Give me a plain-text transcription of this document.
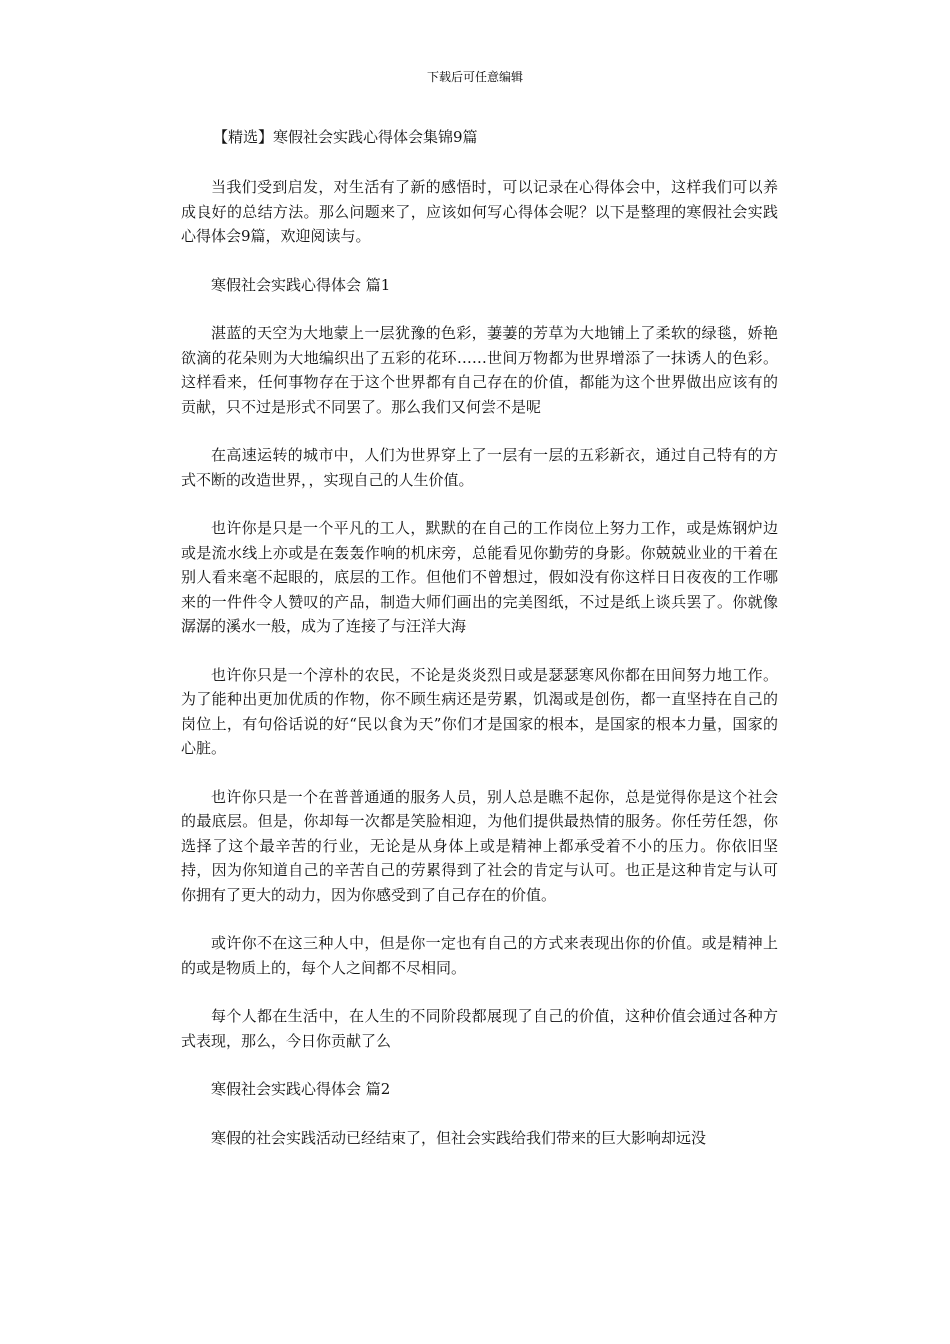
下载后可任意编辑
【精选】寒假社会实践心得体会集锦9篇

当我们受到启发，对生活有了新的感悟时，可以记录在心得体会中，这样我们可以养成良好的总结方法。那么问题来了，应该如何写心得体会呢？以下是整理的寒假社会实践心得体会9篇，欢迎阅读与。

寒假社会实践心得体会 篇1

湛蓝的天空为大地蒙上一层犹豫的色彩，萋萋的芳草为大地铺上了柔软的绿毯，娇艳欲滴的花朵则为大地编织出了五彩的花环……世间万物都为世界增添了一抹诱人的色彩。这样看来，任何事物存在于这个世界都有自己存在的价值，都能为这个世界做出应该有的贡献，只不过是形式不同罢了。那么我们又何尝不是呢

在高速运转的城市中，人们为世界穿上了一层有一层的五彩新衣，通过自己特有的方式不断的改造世界，，实现自己的人生价值。

也许你是只是一个平凡的工人，默默的在自己的工作岗位上努力工作，或是炼钢炉边或是流水线上亦或是在轰轰作响的机床旁，总能看见你勤劳的身影。你兢兢业业的干着在别人看来毫不起眼的，底层的工作。但他们不曾想过，假如没有你这样日日夜夜的工作哪来的一件件令人赞叹的产品，制造大师们画出的完美图纸，不过是纸上谈兵罢了。你就像潺潺的溪水一般，成为了连接了与汪洋大海

也许你只是一个淳朴的农民，不论是炎炎烈日或是瑟瑟寒风你都在田间努力地工作。为了能种出更加优质的作物，你不顾生病还是劳累，饥渴或是创伤，都一直坚持在自己的岗位上，有句俗话说的好“民以食为天”你们才是国家的根本，是国家的根本力量，国家的心脏。

也许你只是一个在普普通通的服务人员，别人总是瞧不起你，总是觉得你是这个社会的最底层。但是，你却每一次都是笑脸相迎，为他们提供最热情的服务。你任劳任怨，你选择了这个最辛苦的行业，无论是从身体上或是精神上都承受着不小的压力。你依旧坚持，因为你知道自己的辛苦自己的劳累得到了社会的肯定与认可。也正是这种肯定与认可你拥有了更大的动力，因为你感受到了自己存在的价值。

或许你不在这三种人中，但是你一定也有自己的方式来表现出你的价值。或是精神上的或是物质上的，每个人之间都不尽相同。

每个人都在生活中，在人生的不同阶段都展现了自己的价值，这种价值会通过各种方式表现，那么，今日你贡献了么

寒假社会实践心得体会 篇2

寒假的社会实践活动已经结束了，但社会实践给我们带来的巨大影响却远没
